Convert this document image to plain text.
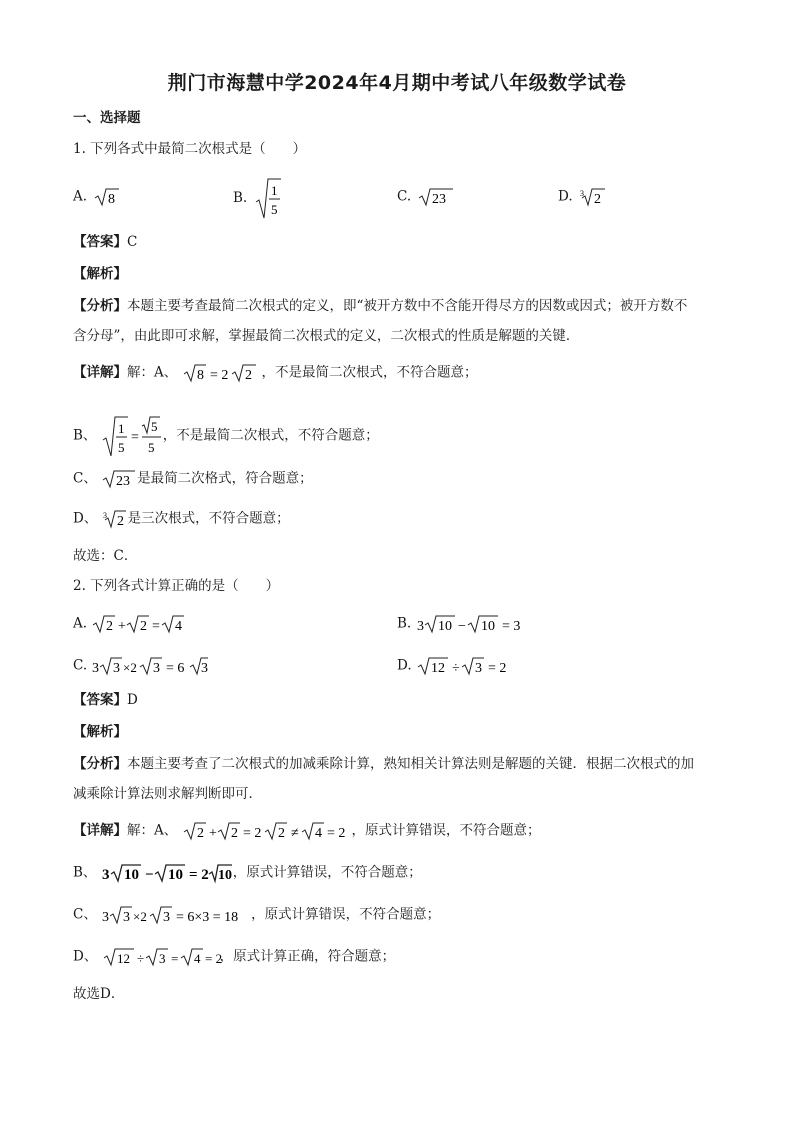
荆门市海慧中学2024年4月期中考试八年级数学试卷
一、选择题
1. 下列各式中最简二次根式是（　　）
A. 8	B. 1
5
C. 23	D. 3 2
【答案】C
【解析】
【分析】本题主要考查最简二次根式的定义，即“被开方数中不含能开得尽方的因数或因式；被开方数不
含分母”，由此即可求解，掌握最简二次根式的定义，二次根式的性质是解题的关键．
【详解】解：A、 8 = 2 2 ，不是最简二次根式，不符合题意；
B、 1
5
=
5
5
，不是最简二次根式，不符合题意；
C、 23 是最简二次格式，符合题意；
D、 3 2 是三次根式，不符合题意；
故选：C．
2. 下列各式计算正确的是（　　）
A. 2 + 2 = 4	B. 3 10 − 10 = 3
C. 3 3 ×2 3 = 6 3	D. 12 ÷ 3 = 2
【答案】D
【解析】
【分析】本题主要考查了二次根式的加减乘除计算，熟知相关计算法则是解题的关键．根据二次根式的加
减乘除计算法则求解判断即可．
【详解】解：A、 2 + 2 = 2 2 ≠ 4 = 2 ，原式计算错误，不符合题意；
B、 3 10 − 10 = 2 10 ，原式计算错误，不符合题意；
C、 3 3 ×2 3 = 6×3 = 18 ，原式计算错误，不符合题意；
D、 12 ÷ 3 = 4 = 2
，原式计算正确，符合题意；
故选D．
